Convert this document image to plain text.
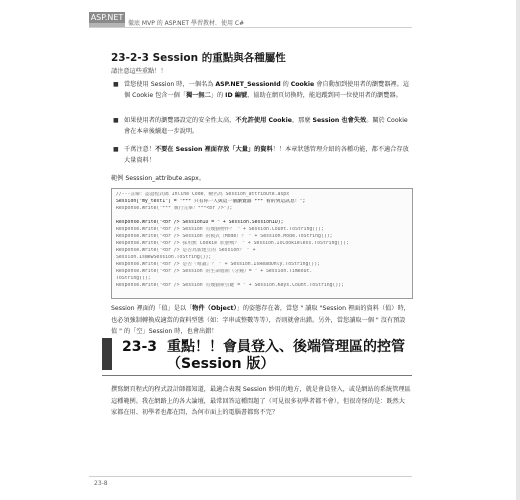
ASP.NET
徹底 MVP 的 ASP.NET 學習教材．使用 C#
23-2-3 Session 的重點與各種屬性
請注意這些重點！！
■ 當您使用 Session 時，一個名為 ASP.NET_SessionId 的 Cookie 會自動加到使用者的瀏覽器裡。這個 Cookie 包含一個「獨一無二」的 ID 編號，協助在網頁切換時，能追蹤到同一位使用者的瀏覽器。
■ 如果使用者的瀏覽器設定的安全性太高，不允許使用 Cookie，那麼 Session 也會失效。關於 Cookie 會在本章後續進一步說明。
■ 千萬注意！不要在 Session 裡面存放「大量」的資料！！本章狀態管理介紹的各種功能，都不適合存放大量資料！
範例 Sesssion_attribute.aspx。
//---註解：認證程式碼 Inline Code，檢名為 Session_attribute.aspx
Session["my_test1"] = "*** 只有你一人與這一個瀏覽器 *** 看的到這訊息！";
Response.Write("*** 執行完畢！***<br />");
Response.Write("<br /> SessionID = " + Session.SessionID);
Response.Write("<br /> Session 有幾個物件？ " + Session.Count.ToString());
Response.Write("<br /> Session 的模式（Mode）？ " + Session.Mode.ToString());
Response.Write("<br /> 採用無 Cookie 狀態嗎？ " + Session.IsCookieless.ToString());
Response.Write("<br /> 是否為新建立的 Session？ " +
Session.IsNewSession.ToString());
Response.Write("<br /> 是否『唯讀』？ " + Session.IsReadOnly.ToString());
Response.Write("<br /> Session 的生命週期（分鐘）= " + Session.Timeout.
ToString());
Response.Write("<br /> Session 有幾個索引鍵 = " + Session.Keys.Count.ToString());
Session 裡面的「值」是以「物件（Object）」的姿態存在著，當您 " 讀取 "Session 裡面的資料（值）時，也必須強制轉換成適當的資料型態（如：字串或整數等等），否則就會出錯。另外，當您讀取一個 " 沒有預設值 " 的「空」Session 時，也會出錯！
23-3 重點！！會員登入、後端管理區的控管（Session 版）
撰寫網頁程式的程式設計師都知道，最適合表現 Session 妙用的地方，就是會員登入，或是網站的系統管理區這種範例。我在網路上的各大論壇，最常回答這種問題了（可見很多初學者都不會），但很奇怪的是：既然大家都在用、初學者也都在問，為何市面上的電腦書都寫不完？
23-8
